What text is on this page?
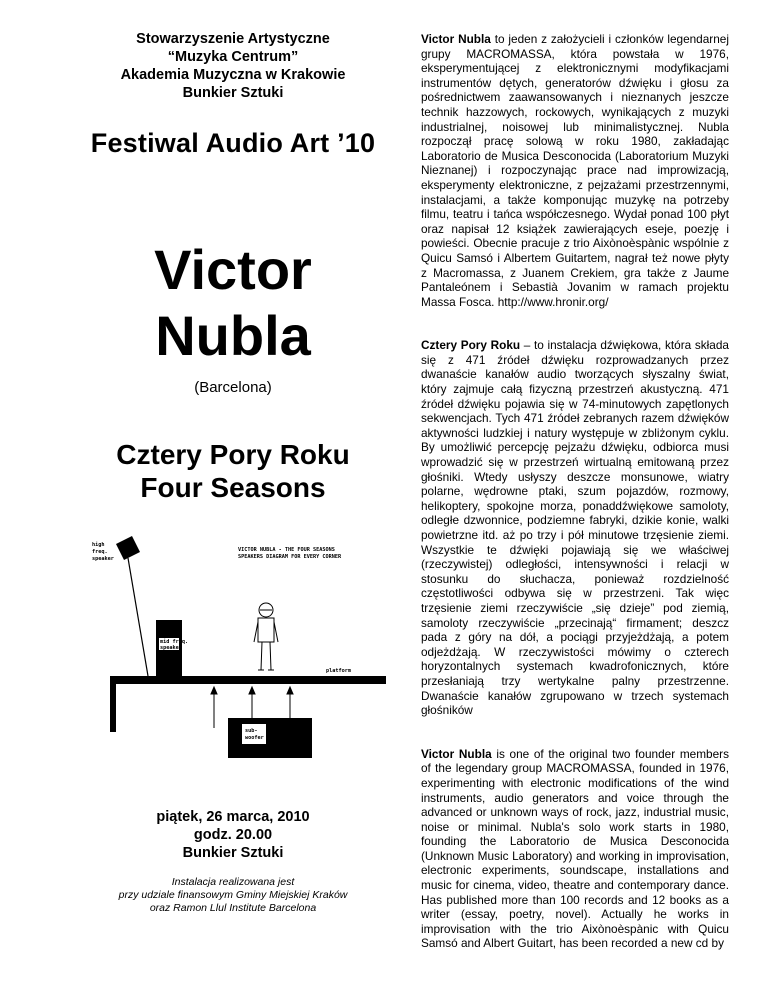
Stowarzyszenie Artystyczne
“Muzyka Centrum”
Akademia Muzyczna w Krakowie
Bunkier Sztuki
Festiwal Audio Art ’10
Victor
Nubla
(Barcelona)
Cztery Pory Roku
Four Seasons
VICTOR NUBLA - THE FOUR SEASONS
SPEAKERS DIAGRAM FOR EVERY CORNER
high
freq.
speaker
mid freq.
speaker
platform
sub-
woofer
piątek, 26 marca, 2010
godz. 20.00
Bunkier Sztuki
Instalacja realizowana jest
przy udziale finansowym Gminy Miejskiej Kraków
oraz Ramon Llul Institute Barcelona

Victor Nubla to jeden z założycieli i członków legendarnej grupy MACROMASSA, która powstała w 1976, eksperymentującej z elektronicznymi modyfikacjami instrumentów dętych, generatorów dźwięku i głosu za pośrednictwem zaawansowanych i nieznanych jeszcze technik hazzowych, rockowych, wynikających z muzyki industrialnej, noisowej lub minimalistycznej. Nubla rozpoczął pracę solową w roku 1980, zakładając Laboratorio de Musica Desconocida (Laboratorium Muzyki Nieznanej) i rozpoczynając prace nad improwizacją, eksperymenty elektroniczne, z pejzażami przestrzennymi, instalacjami, a także komponując muzykę na potrzeby filmu, teatru i tańca współczesnego. Wydał ponad 100 płyt oraz napisał 12 książek zawierających eseje, poezję i powieści. Obecnie pracuje z trio Aixònoèspànic wspólnie z Quicu Samsó i Albertem Guitartem, nagrał też nowe płyty z Macromassa, z Juanem Crekiem, gra także z Jaume Pantaleónem i Sebastià Jovanim w ramach projektu Massa Fosca. http://www.hronir.org/

Cztery Pory Roku – to instalacja dźwiękowa, która składa się z 471 źródeł dźwięku rozprowadzanych przez dwanaście kanałów audio tworzących słyszalny świat, który zajmuje całą fizyczną przestrzeń akustyczną. 471 źródeł dźwięku pojawia się w 74-minutowych zapętlonych sekwencjach. Tych 471 źródeł zebranych razem dźwięków aktywności ludzkiej i natury występuje w zbliżonym cyklu. By umożliwić percepcję pejzażu dźwięku, odbiorca musi wprowadzić się w przestrzeń wirtualną emitowaną przez głośniki. Wtedy usłyszy deszcze monsunowe, wiatry polarne, wędrowne ptaki, szum pojazdów, rozmowy, helikoptery, spokojne morza, ponaddźwiękowe samoloty, odległe dzwonnice, podziemne fabryki, dzikie konie, walki powietrzne itd. aż po trzy i pół minutowe trzęsienie ziemi. Wszystkie te dźwięki pojawiają się we właściwej (rzeczywistej) odległości, intensywności i relacji w stosunku do słuchacza, ponieważ rozdzielność częstotliwości odbywa się w przestrzeni. Tak więc trzęsienie ziemi rzeczywiście „się dzieje” pod ziemią, samoloty rzeczywiście „przecinają“ firmament; deszcz pada z góry na dół, a pociągi przyjeżdżają, a potem odjeżdżają. W rzeczywistości mówimy o czterech horyzontalnych systemach kwadrofonicznych, które przesłaniają trzy wertykalne palny przestrzenne. Dwanaście kanałów zgrupowano w trzech systemach głośników

Victor Nubla is one of the original two founder members of the legendary group MACROMASSA, founded in 1976, experimenting with electronic modifications of the wind instruments, audio generators and voice through the advanced or unknown ways of rock, jazz, industrial music, noise or minimal. Nubla's solo work starts in 1980, founding the Laboratorio de Musica Desconocida (Unknown Music Laboratory) and working in improvisation, electronic experiments, soundscape, installations and music for cinema, video, theatre and contemporary dance. Has published more than 100 records and 12 books as a writer (essay, poetry, novel). Actually he works in improvisation with the trio Aixònoèspànic with Quicu Samsó and Albert Guitart, has been recorded a new cd by
